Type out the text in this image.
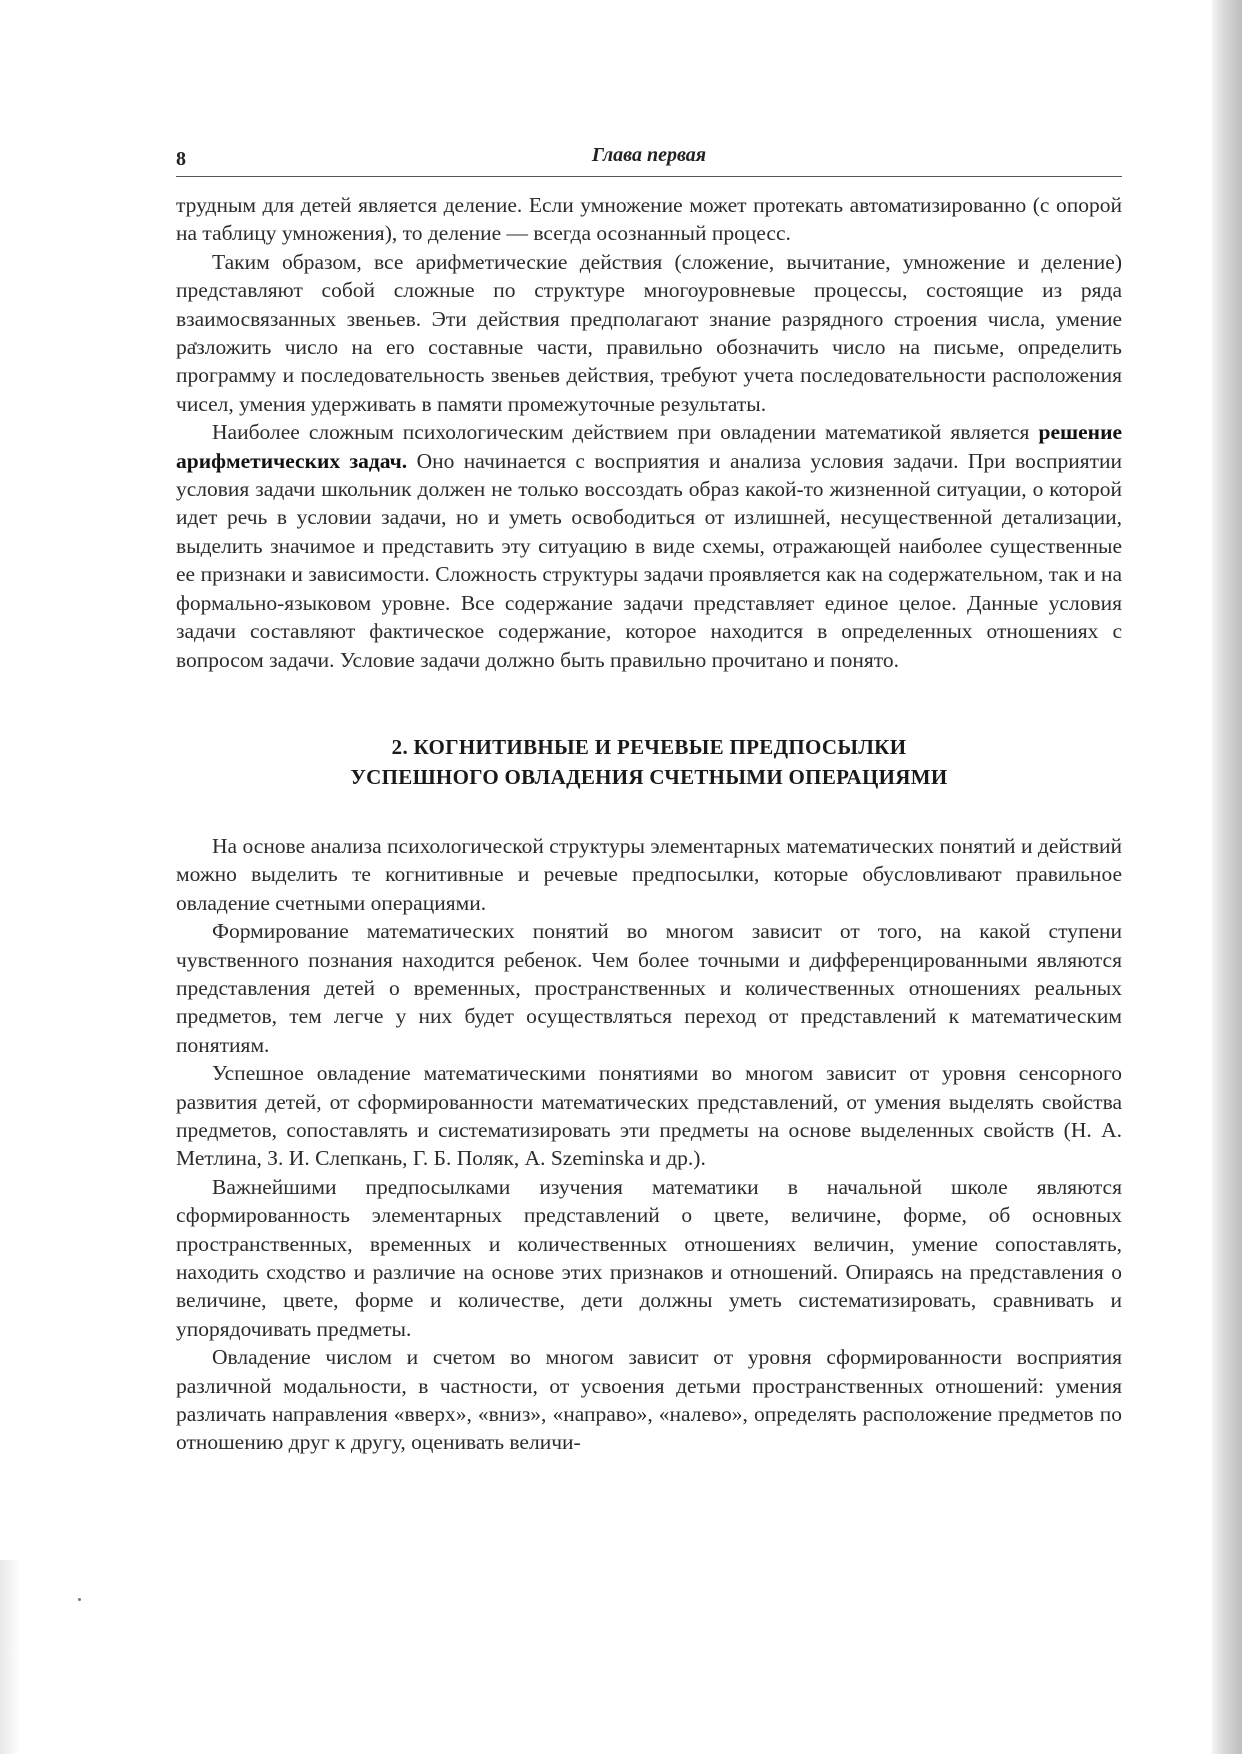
8	Глава первая

трудным для детей является деление. Если умножение может протекать автоматизированно (с опорой на таблицу умножения), то деление — всегда осознанный процесс.

Таким образом, все арифметические действия (сложение, вычитание, умножение и деление) представляют собой сложные по структуре многоуровневые процессы, состоящие из ряда взаимосвязанных звеньев. Эти действия предполагают знание разрядного строения числа, умение разложить число на его составные части, правильно обозначить число на письме, определить программу и последовательность звеньев действия, требуют учета последовательности расположения чисел, умения удерживать в памяти промежуточные результаты.

Наиболее сложным психологическим действием при овладении математикой является решение арифметических задач. Оно начинается с восприятия и анализа условия задачи. При восприятии условия задачи школьник должен не только воссоздать образ какой-то жизненной ситуации, о которой идет речь в условии задачи, но и уметь освободиться от излишней, несущественной детализации, выделить значимое и представить эту ситуацию в виде схемы, отражающей наиболее существенные ее признаки и зависимости. Сложность структуры задачи проявляется как на содержательном, так и на формально-языковом уровне. Все содержание задачи представляет единое целое. Данные условия задачи составляют фактическое содержание, которое находится в определенных отношениях с вопросом задачи. Условие задачи должно быть правильно прочитано и понято.

2. КОГНИТИВНЫЕ И РЕЧЕВЫЕ ПРЕДПОСЫЛКИ
УСПЕШНОГО ОВЛАДЕНИЯ СЧЕТНЫМИ ОПЕРАЦИЯМИ

На основе анализа психологической структуры элементарных математических понятий и действий можно выделить те когнитивные и речевые предпосылки, которые обусловливают правильное овладение счетными операциями.

Формирование математических понятий во многом зависит от того, на какой ступени чувственного познания находится ребенок. Чем более точными и дифференцированными являются представления детей о временных, пространственных и количественных отношениях реальных предметов, тем легче у них будет осуществляться переход от представлений к математическим понятиям.

Успешное овладение математическими понятиями во многом зависит от уровня сенсорного развития детей, от сформированности математических представлений, от умения выделять свойства предметов, сопоставлять и систематизировать эти предметы на основе выделенных свойств (Н. А. Метлина, З. И. Слепкань, Г. Б. Поляк, A. Szeminska и др.).

Важнейшими предпосылками изучения математики в начальной школе являются сформированность элементарных представлений о цвете, величине, форме, об основных пространственных, временных и количественных отношениях величин, умение сопоставлять, находить сходство и различие на основе этих признаков и отношений. Опираясь на представления о величине, цвете, форме и количестве, дети должны уметь систематизировать, сравнивать и упорядочивать предметы.

Овладение числом и счетом во многом зависит от уровня сформированности восприятия различной модальности, в частности, от усвоения детьми пространственных отношений: умения различать направления «вверх», «вниз», «направо», «налево», определять расположение предметов по отношению друг к другу, оценивать величи-
